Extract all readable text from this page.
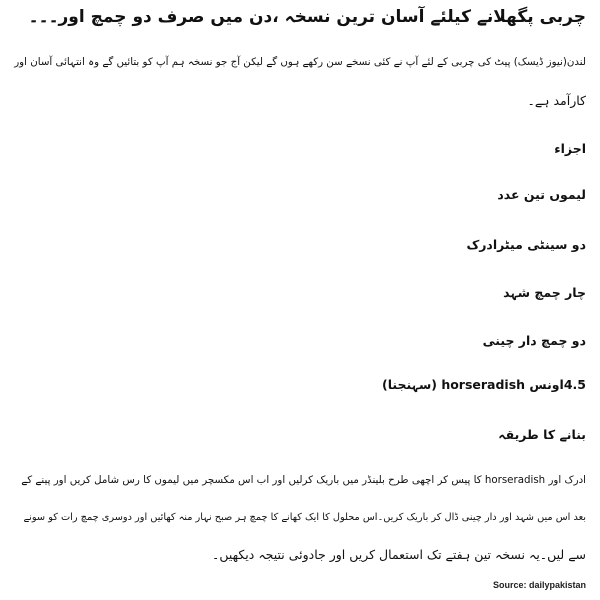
چربی پگھلانے کیلئے آسان ترین نسخہ ،دن میں صرف دو چمچ اور۔۔۔
لندن(نیوز ڈیسک) پیٹ کی چربی کے لئے آپ نے کئی نسخے سن رکھے ہوں گے لیکن آج جو نسخہ ہم آپ کو بتائیں گے وہ انتہائی آسان اور
کارآمد ہے۔
اجزاء
لیموں تین عدد
دو سینٹی میٹرادرک
چار چمچ شہد
دو چمچ دار چینی
4.5اونس horseradish (سہنجنا)
بنانے کا طریقہ
ادرک اور horseradish کا پیس کر اچھی طرح بلینڈر میں باریک کرلیں اور اب اس مکسچر میں لیموں کا رس شامل کریں اور پینے کے
بعد اس میں شہد اور دار چینی ڈال کر باریک کریں۔اس محلول کا ایک کھانے کا چمچ ہر صبح نہار منہ کھائیں اور دوسری چمچ رات کو سونے
سے لیں۔یہ نسخہ تین ہفتے تک استعمال کریں اور جادوئی نتیجہ دیکھیں۔
Source: dailypakistan
